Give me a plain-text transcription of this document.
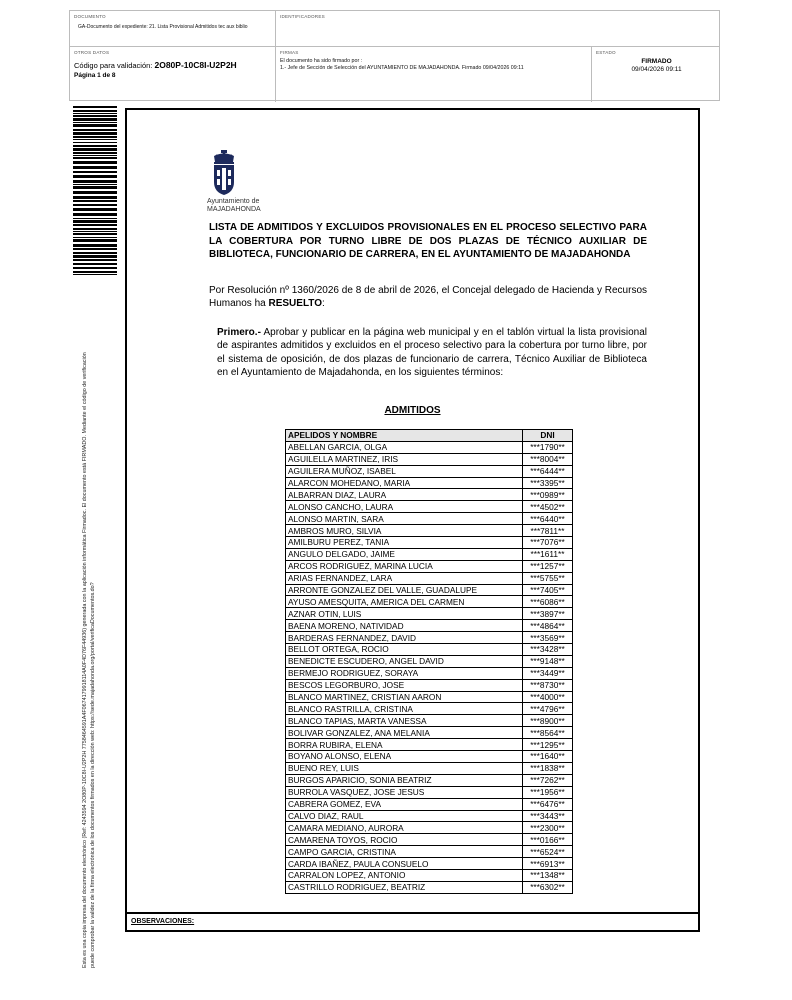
DOCUMENTO
GA-Documento del expediente: 21. Lista Provisional Admitidos tec aux biblio
IDENTIFICADORES
OTROS DATOS
Código para validación: 2O80P-10C8I-U2P2H
Página 1 de 8
FIRMAS
El documento ha sido firmado por :
1.- Jefe de Sección de Selección del AYUNTAMIENTO DE MAJADAHONDA. Firmado 09/04/2026 09:11
ESTADO
FIRMADO
09/04/2026 09:11
Esta es una copia impresa del documento electrónico (Ref: 4243594 2O80P-10C8I-U2P2H 7758464591A4F0674179918114A0F4D76F44936) generada con la aplicación informática Firmadoc. El documento está FIRMADO. Mediante el código de verificación puede comprobar la validez de la firma electrónica de los documentos firmados en la dirección web: https://sede.majadahonda.org/portal/verificaDocumentos.do?
Ayuntamiento de
MAJADAHONDA
LISTA DE ADMITIDOS Y EXCLUIDOS PROVISIONALES EN EL PROCESO SELECTIVO PARA LA COBERTURA POR TURNO LIBRE DE DOS PLAZAS DE TÉCNICO AUXILIAR DE BIBLIOTECA, FUNCIONARIO DE CARRERA, EN EL AYUNTAMIENTO DE MAJADAHONDA
Por Resolución nº 1360/2026 de 8 de abril de 2026, el Concejal delegado de Hacienda y Recursos Humanos ha RESUELTO:
Primero.- Aprobar y publicar en la página web municipal y en el tablón virtual la lista provisional de aspirantes admitidos y excluidos en el proceso selectivo para la cobertura por turno libre, por el sistema de oposición, de dos plazas de funcionario de carrera, Técnico Auxiliar de Biblioteca en el Ayuntamiento de Majadahonda, en los siguientes términos:
ADMITIDOS
APELIDOS Y NOMBRE	DNI
ABELLAN GARCIA, OLGA	***1790**
AGUILELLA MARTINEZ, IRIS	***8004**
AGUILERA MUÑOZ, ISABEL	***6444**
ALARCON MOHEDANO, MARIA	***3395**
ALBARRAN DIAZ, LAURA	***0989**
ALONSO CANCHO, LAURA	***4502**
ALONSO MARTIN, SARA	***6440**
AMBROS MURO, SILVIA	***7811**
AMILBURU PEREZ, TANIA	***7076**
ANGULO DELGADO, JAIME	***1611**
ARCOS RODRIGUEZ, MARINA LUCIA	***1257**
ARIAS FERNANDEZ, LARA	***5755**
ARRONTE GONZALEZ DEL VALLE, GUADALUPE	***7405**
AYUSO AMESQUITA, AMERICA DEL CARMEN	***6086**
AZNAR OTIN, LUIS	***3897**
BAENA MORENO, NATIVIDAD	***4864**
BARDERAS FERNANDEZ, DAVID	***3569**
BELLOT ORTEGA, ROCIO	***3428**
BENEDICTE ESCUDERO, ANGEL DAVID	***9148**
BERMEJO RODRIGUEZ, SORAYA	***3449**
BESCOS LEGORBURO, JOSE	***8730**
BLANCO MARTINEZ, CRISTIAN AARON	***4000**
BLANCO RASTRILLA, CRISTINA	***4796**
BLANCO TAPIAS, MARTA VANESSA	***8900**
BOLIVAR GONZALEZ, ANA MELANIA	***8564**
BORRA RUBIRA, ELENA	***1295**
BOYANO ALONSO, ELENA	***1640**
BUENO REY, LUIS	***1838**
BURGOS APARICIO, SONIA BEATRIZ	***7262**
BURROLA VASQUEZ, JOSE JESUS	***1956**
CABRERA GOMEZ, EVA	***6476**
CALVO DIAZ, RAUL	***3443**
CAMARA MEDIANO, AURORA	***2300**
CAMARENA TOYOS, ROCIO	***0166**
CAMPO GARCIA, CRISTINA	***6524**
CARDA IBAÑEZ, PAULA CONSUELO	***6913**
CARRALON LOPEZ, ANTONIO	***1348**
CASTRILLO RODRIGUEZ, BEATRIZ	***6302**
OBSERVACIONES:
